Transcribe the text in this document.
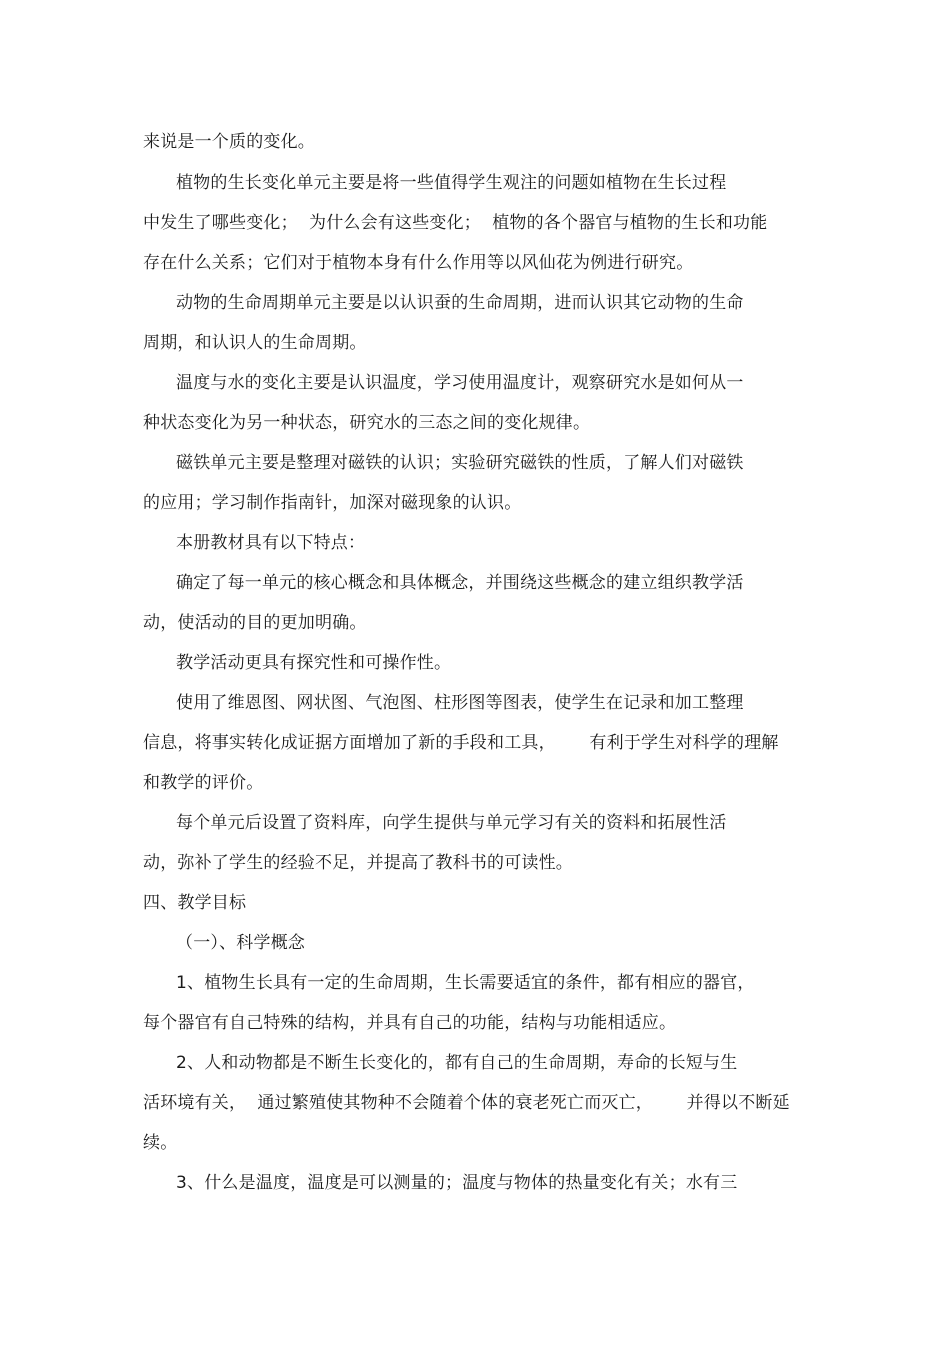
来说是一个质的变化。
植物的生长变化单元主要是将一些值得学生观注的问题如植物在生长过程
中发生了哪些变化；  为什么会有这些变化；  植物的各个器官与植物的生长和功能
存在什么关系；它们对于植物本身有什么作用等以风仙花为例进行研究。
动物的生命周期单元主要是以认识蚕的生命周期，进而认识其它动物的生命
周期，和认识人的生命周期。
温度与水的变化主要是认识温度，学习使用温度计，观察研究水是如何从一
种状态变化为另一种状态，研究水的三态之间的变化规律。
磁铁单元主要是整理对磁铁的认识；实验研究磁铁的性质，了解人们对磁铁
的应用；学习制作指南针，加深对磁现象的认识。
本册教材具有以下特点：
确定了每一单元的核心概念和具体概念，并围绕这些概念的建立组织教学活
动，使活动的目的更加明确。
教学活动更具有探究性和可操作性。
使用了维恩图、网状图、气泡图、柱形图等图表，使学生在记录和加工整理
信息，将事实转化成证据方面增加了新的手段和工具，      有利于学生对科学的理解
和教学的评价。
每个单元后设置了资料库，向学生提供与单元学习有关的资料和拓展性活
动，弥补了学生的经验不足，并提高了教科书的可读性。
四、教学目标
（一）、科学概念
1、植物生长具有一定的生命周期，生长需要适宜的条件，都有相应的器官，
每个器官有自己特殊的结构，并具有自己的功能，结构与功能相适应。
2、人和动物都是不断生长变化的，都有自己的生命周期，寿命的长短与生
活环境有关，  通过繁殖使其物种不会随着个体的衰老死亡而灭亡，      并得以不断延
续。
3、什么是温度，温度是可以测量的；温度与物体的热量变化有关；水有三
